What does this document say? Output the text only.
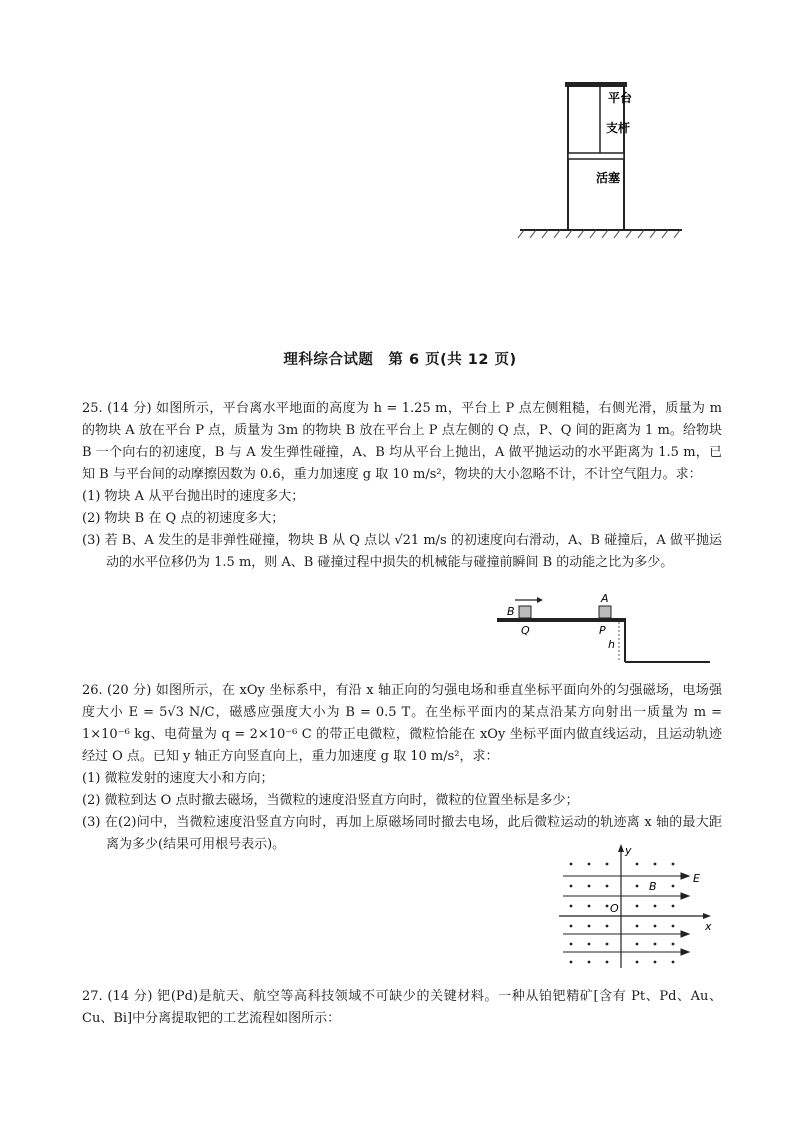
平台
支杆
活塞
理科综合试题　第 6 页(共 12 页)

25. (14 分) 如图所示，平台离水平地面的高度为 h = 1.25 m，平台上 P 点左侧粗糙，右侧光滑，质量为 m 的物块 A 放在平台 P 点，质量为 3m 的物块 B 放在平台上 P 点左侧的 Q 点，P、Q 间的距离为 1 m。给物块 B 一个向右的初速度，B 与 A 发生弹性碰撞，A、B 均从平台上抛出，A 做平抛运动的水平距离为 1.5 m，已知 B 与平台间的动摩擦因数为 0.6，重力加速度 g 取 10 m/s²，物块的大小忽略不计，不计空气阻力。求：

(1) 物块 A 从平台抛出时的速度多大；

(2) 物块 B 在 Q 点的初速度多大；

(3) 若 B、A 发生的是非弹性碰撞，物块 B 从 Q 点以 √21 m/s 的初速度向右滑动，A、B 碰撞后，A 做平抛运动的水平位移仍为 1.5 m，则 A、B 碰撞过程中损失的机械能与碰撞前瞬间 B 的动能之比为多少。

B
A
Q	P
h

26. (20 分) 如图所示，在 xOy 坐标系中，有沿 x 轴正向的匀强电场和垂直坐标平面向外的匀强磁场，电场强度大小 E = 5√3 N/C，磁感应强度大小为 B = 0.5 T。在坐标平面内的某点沿某方向射出一质量为 m = 1×10⁻⁶ kg、电荷量为 q = 2×10⁻⁶ C 的带正电微粒，微粒恰能在 xOy 坐标平面内做直线运动，且运动轨迹经过 O 点。已知 y 轴正方向竖直向上，重力加速度 g 取 10 m/s²，求：

(1) 微粒发射的速度大小和方向；

(2) 微粒到达 O 点时撤去磁场，当微粒的速度沿竖直方向时，微粒的位置坐标是多少；

(3) 在(2)问中，当微粒速度沿竖直方向时，再加上原磁场同时撤去电场，此后微粒运动的轨迹离 x 轴的最大距离为多少(结果可用根号表示)。	y
x
O
B
E

27. (14 分) 钯(Pd)是航天、航空等高科技领域不可缺少的关键材料。一种从铂钯精矿[含有 Pt、Pd、Au、Cu、Bi]中分离提取钯的工艺流程如图所示：
